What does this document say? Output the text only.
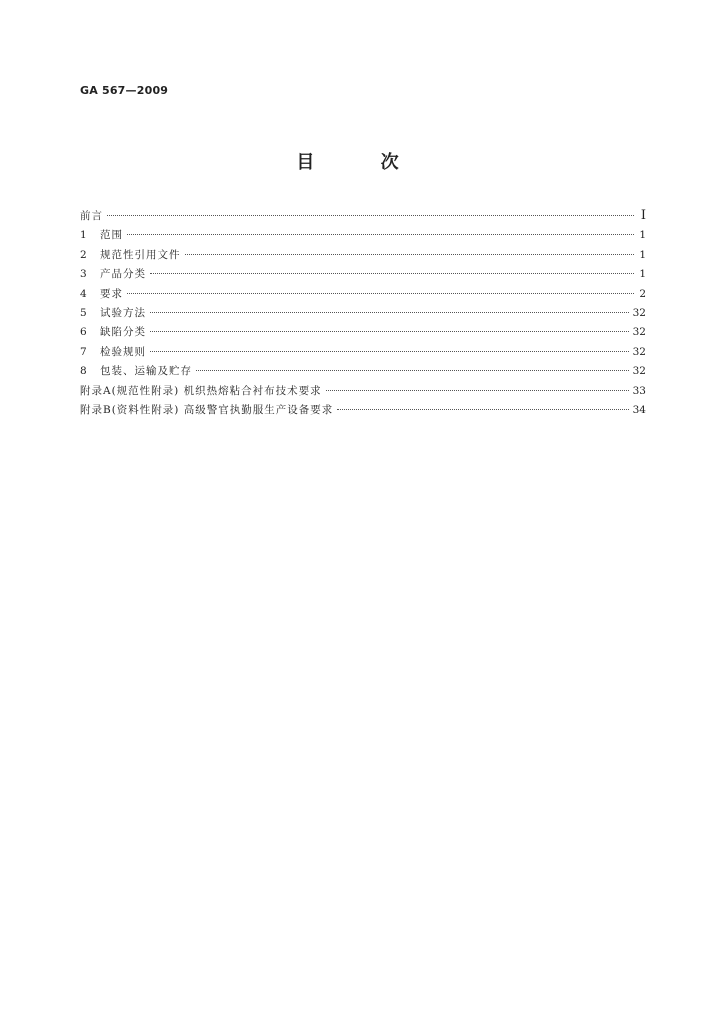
GA 567—2009
目 次
前言	Ⅰ
1	范围	1
2	规范性引用文件	1
3	产品分类	1
4	要求	2
5	试验方法	32
6	缺陷分类	32
7	检验规则	32
8	包装、运输及贮存	32
附录A(规范性附录) 机织热熔粘合衬布技术要求	33
附录B(资料性附录) 高级警官执勤服生产设备要求	34
